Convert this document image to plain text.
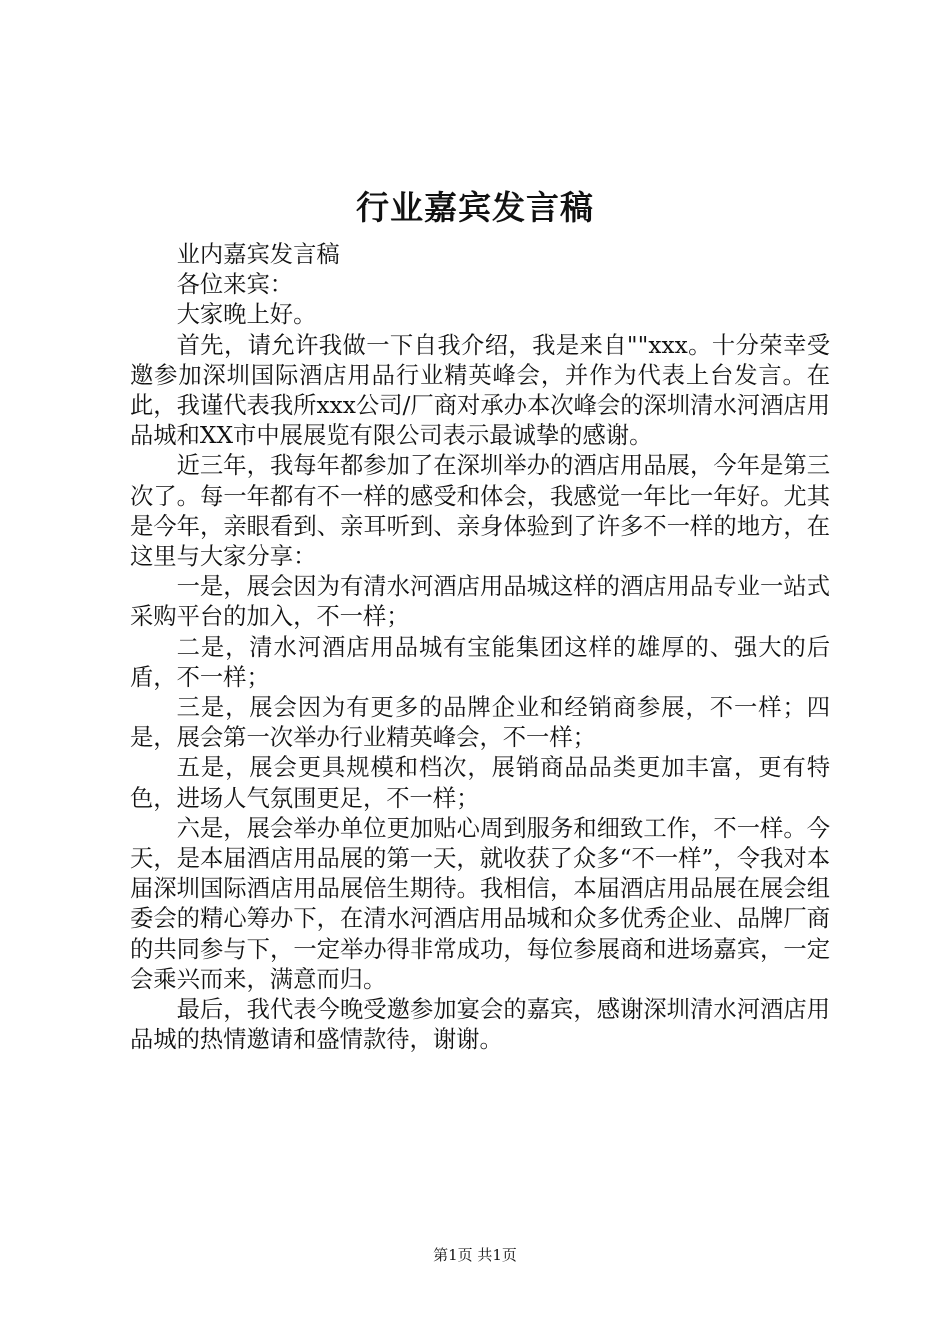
行业嘉宾发言稿

业内嘉宾发言稿

各位来宾：

大家晚上好。

首先，请允许我做一下自我介绍，我是来自""xxx。十分荣幸受邀参加深圳国际酒店用品行业精英峰会，并作为代表上台发言。在此，我谨代表我所xxx公司/厂商对承办本次峰会的深圳清水河酒店用品城和XX市中展展览有限公司表示最诚挚的感谢。

近三年，我每年都参加了在深圳举办的酒店用品展，今年是第三次了。每一年都有不一样的感受和体会，我感觉一年比一年好。尤其是今年，亲眼看到、亲耳听到、亲身体验到了许多不一样的地方，在这里与大家分享：

一是，展会因为有清水河酒店用品城这样的酒店用品专业一站式采购平台的加入，不一样；

二是，清水河酒店用品城有宝能集团这样的雄厚的、强大的后盾，不一样；

三是，展会因为有更多的品牌企业和经销商参展，不一样；四是，展会第一次举办行业精英峰会，不一样；

五是，展会更具规模和档次，展销商品品类更加丰富，更有特色，进场人气氛围更足，不一样；

六是，展会举办单位更加贴心周到服务和细致工作，不一样。今天，是本届酒店用品展的第一天，就收获了众多“不一样”，令我对本届深圳国际酒店用品展倍生期待。我相信，本届酒店用品展在展会组委会的精心筹办下，在清水河酒店用品城和众多优秀企业、品牌厂商的共同参与下，一定举办得非常成功，每位参展商和进场嘉宾，一定会乘兴而来，满意而归。

最后，我代表今晚受邀参加宴会的嘉宾，感谢深圳清水河酒店用品城的热情邀请和盛情款待，谢谢。

第1页 共1页
